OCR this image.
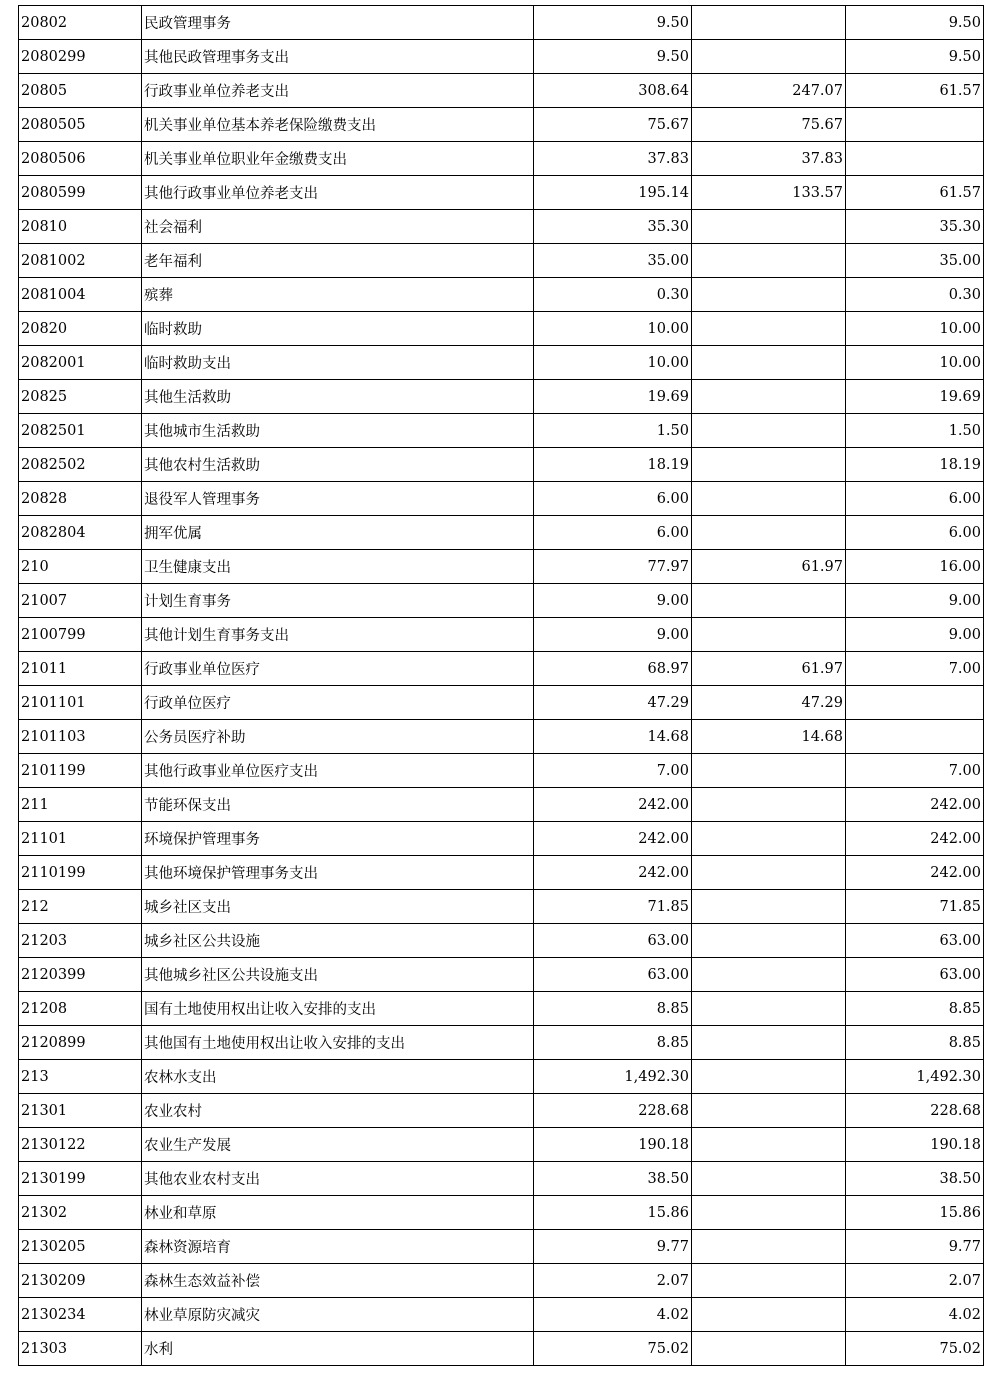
20802	民政管理事务	9.50		9.50
2080299	其他民政管理事务支出	9.50		9.50
20805	行政事业单位养老支出	308.64	247.07	61.57
2080505	机关事业单位基本养老保险缴费支出	75.67	75.67	
2080506	机关事业单位职业年金缴费支出	37.83	37.83	
2080599	其他行政事业单位养老支出	195.14	133.57	61.57
20810	社会福利	35.30		35.30
2081002	老年福利	35.00		35.00
2081004	殡葬	0.30		0.30
20820	临时救助	10.00		10.00
2082001	临时救助支出	10.00		10.00
20825	其他生活救助	19.69		19.69
2082501	其他城市生活救助	1.50		1.50
2082502	其他农村生活救助	18.19		18.19
20828	退役军人管理事务	6.00		6.00
2082804	拥军优属	6.00		6.00
210	卫生健康支出	77.97	61.97	16.00
21007	计划生育事务	9.00		9.00
2100799	其他计划生育事务支出	9.00		9.00
21011	行政事业单位医疗	68.97	61.97	7.00
2101101	行政单位医疗	47.29	47.29	
2101103	公务员医疗补助	14.68	14.68	
2101199	其他行政事业单位医疗支出	7.00		7.00
211	节能环保支出	242.00		242.00
21101	环境保护管理事务	242.00		242.00
2110199	其他环境保护管理事务支出	242.00		242.00
212	城乡社区支出	71.85		71.85
21203	城乡社区公共设施	63.00		63.00
2120399	其他城乡社区公共设施支出	63.00		63.00
21208	国有土地使用权出让收入安排的支出	8.85		8.85
2120899	其他国有土地使用权出让收入安排的支出	8.85		8.85
213	农林水支出	1,492.30		1,492.30
21301	农业农村	228.68		228.68
2130122	农业生产发展	190.18		190.18
2130199	其他农业农村支出	38.50		38.50
21302	林业和草原	15.86		15.86
2130205	森林资源培育	9.77		9.77
2130209	森林生态效益补偿	2.07		2.07
2130234	林业草原防灾减灾	4.02		4.02
21303	水利	75.02		75.02
